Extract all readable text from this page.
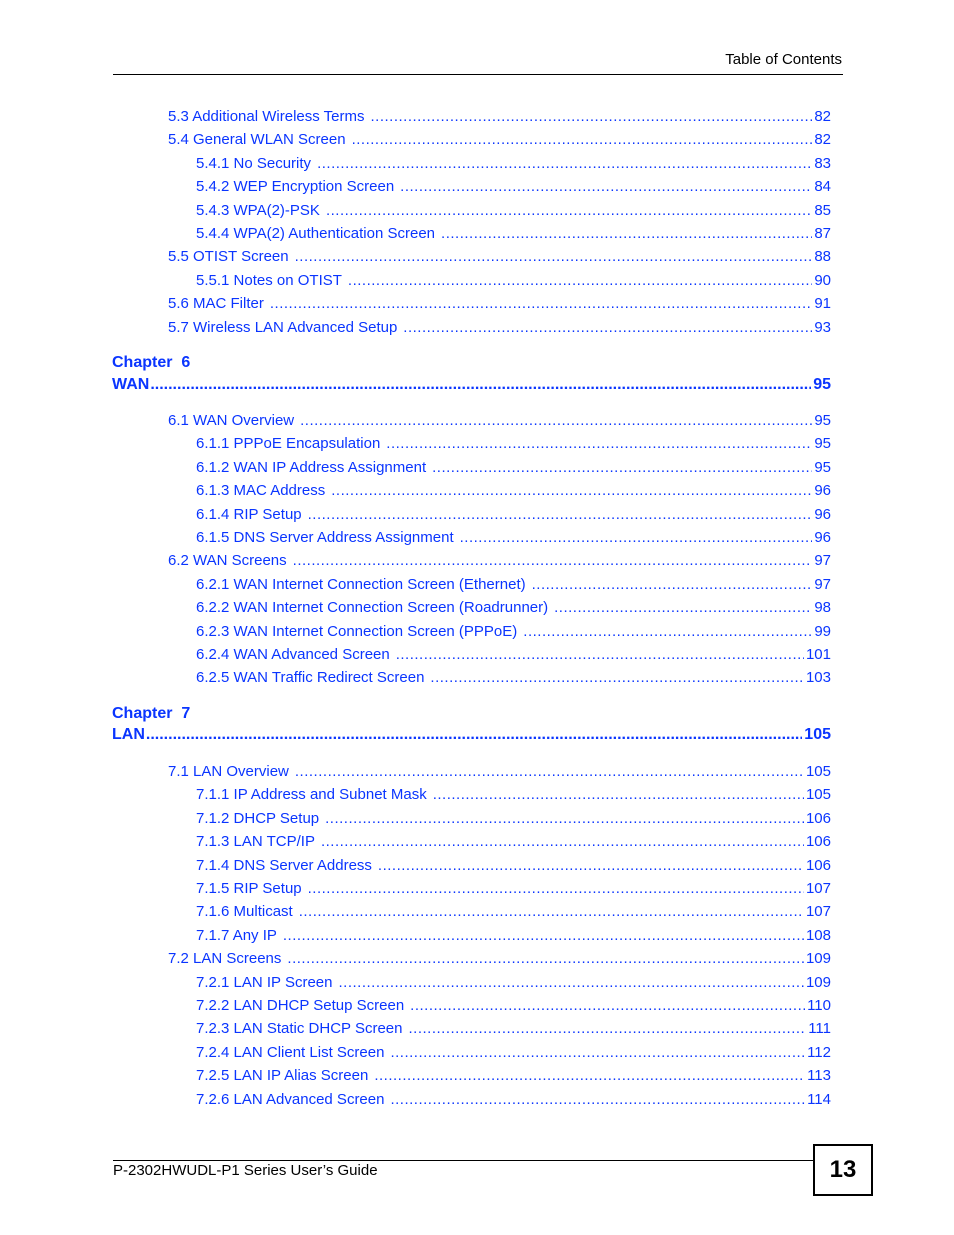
Table of Contents
5.3 Additional Wireless Terms .....	82
5.4 General WLAN Screen .....	82
5.4.1 No Security .....	83
5.4.2 WEP Encryption Screen .....	84
5.4.3 WPA(2)-PSK .....	85
5.4.4 WPA(2) Authentication Screen .....	87
5.5 OTIST Screen .....	88
5.5.1 Notes on OTIST .....	90
5.6 MAC Filter .....	91
5.7 Wireless LAN Advanced Setup .....	93
Chapter  6
WAN .....	95
6.1 WAN Overview .....	95
6.1.1 PPPoE Encapsulation .....	95
6.1.2 WAN IP Address Assignment .....	95
6.1.3 MAC Address .....	96
6.1.4 RIP Setup .....	96
6.1.5 DNS Server Address Assignment .....	96
6.2 WAN Screens .....	97
6.2.1 WAN Internet Connection Screen (Ethernet) .....	97
6.2.2 WAN Internet Connection Screen (Roadrunner) .....	98
6.2.3 WAN Internet Connection Screen (PPPoE) .....	99
6.2.4 WAN Advanced Screen .....	101
6.2.5 WAN Traffic Redirect Screen .....	103
Chapter  7
LAN .....	105
7.1 LAN Overview .....	105
7.1.1 IP Address and Subnet Mask .....	105
7.1.2 DHCP Setup .....	106
7.1.3 LAN TCP/IP .....	106
7.1.4 DNS Server Address .....	106
7.1.5 RIP Setup .....	107
7.1.6 Multicast .....	107
7.1.7 Any IP .....	108
7.2 LAN Screens .....	109
7.2.1 LAN IP Screen .....	109
7.2.2 LAN DHCP Setup Screen .....	110
7.2.3 LAN Static DHCP Screen .....	111
7.2.4 LAN Client List Screen .....	112
7.2.5 LAN IP Alias Screen .....	113
7.2.6 LAN Advanced Screen .....	114
P-2302HWUDL-P1 Series User’s Guide	13
